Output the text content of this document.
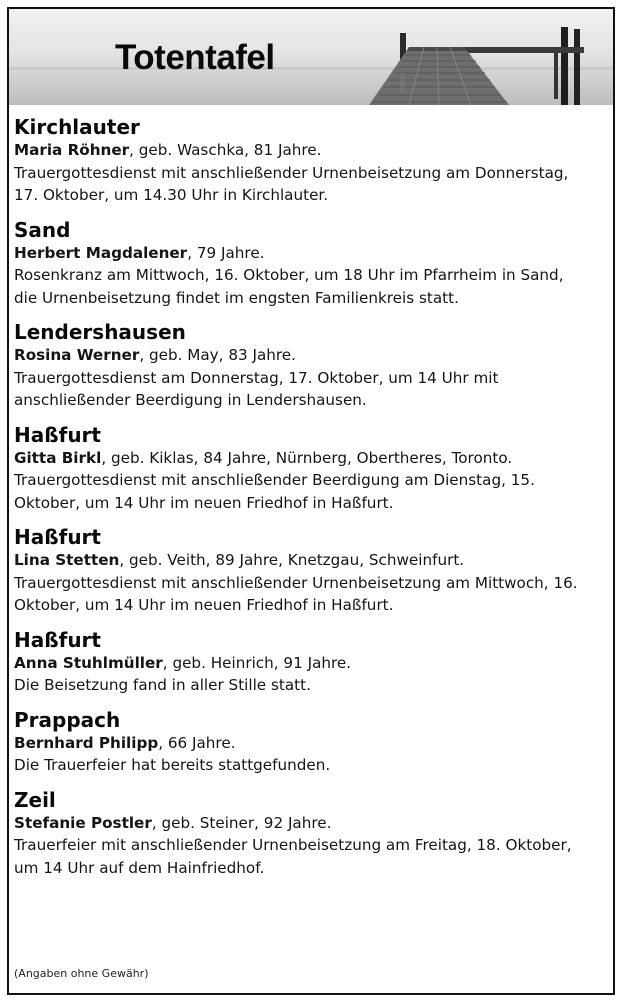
Totentafel

Kirchlauter

Maria Röhner, geb. Waschka, 81 Jahre.

Trauergottesdienst mit anschließender Urnenbeisetzung am Donnerstag,

17. Oktober, um 14.30 Uhr in Kirchlauter.

Sand

Herbert Magdalener, 79 Jahre.

Rosenkranz am Mittwoch, 16. Oktober, um 18 Uhr im Pfarrheim in Sand,

die Urnenbeisetzung findet im engsten Familienkreis statt.

Lendershausen

Rosina Werner, geb. May, 83 Jahre.

Trauergottesdienst am Donnerstag, 17. Oktober, um 14 Uhr mit

anschließender Beerdigung in Lendershausen.

Haßfurt

Gitta Birkl, geb. Kiklas, 84 Jahre, Nürnberg, Obertheres, Toronto.

Trauergottesdienst mit anschließender Beerdigung am Dienstag, 15.

Oktober, um 14 Uhr im neuen Friedhof in Haßfurt.

Haßfurt

Lina Stetten, geb. Veith, 89 Jahre, Knetzgau, Schweinfurt.

Trauergottesdienst mit anschließender Urnenbeisetzung am Mittwoch, 16.

Oktober, um 14 Uhr im neuen Friedhof in Haßfurt.

Haßfurt

Anna Stuhlmüller, geb. Heinrich, 91 Jahre.

Die Beisetzung fand in aller Stille statt.

Prappach

Bernhard Philipp, 66 Jahre.

Die Trauerfeier hat bereits stattgefunden.

Zeil

Stefanie Postler, geb. Steiner, 92 Jahre.

Trauerfeier mit anschließender Urnenbeisetzung am Freitag, 18. Oktober,

um 14 Uhr auf dem Hainfriedhof.

(Angaben ohne Gewähr)
